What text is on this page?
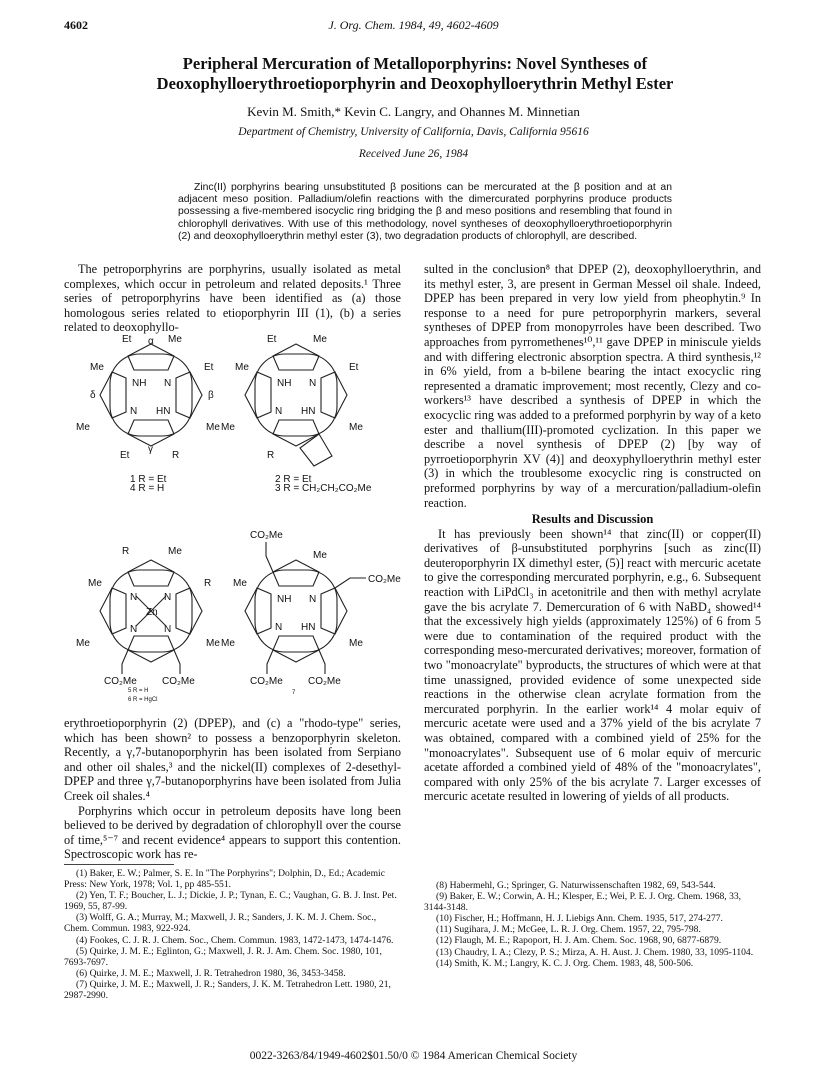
4602	J. Org. Chem. 1984, 49, 4602-4609
Peripheral Mercuration of Metalloporphyrins: Novel Syntheses of
Deoxophylloerythroetioporphyrin and Deoxophylloerythrin Methyl Ester
Kevin M. Smith,* Kevin C. Langry, and Ohannes M. Minnetian
Department of Chemistry, University of California, Davis, California 95616
Received June 26, 1984
Zinc(II) porphyrins bearing unsubstituted β positions can be mercurated at the β position and at an adjacent meso position. Palladium/olefin reactions with the dimercurated porphyrins produce products possessing a five-membered isocyclic ring bridging the β and meso positions and resembling that found in chlorophyll derivatives. With use of this methodology, novel syntheses of deoxophylloerythroetioporphyrin (2) and deoxophylloerythrin methyl ester (3), two degradation products of chlorophyll, are described.

The petroporphyrins are porphyrins, usually isolated as metal complexes, which occur in petroleum and related deposits.¹ Three series of petroporphyrins have been identified as (a) those homologous series related to etioporphyrin III (1), (b) a series related to deoxophyllo-

Et α Me
Me	Et
δ	β
NH N
N HN
Me	Me
Et
γ
R
Et	Me
Me	Et
NH N
N HN
Me	Me
R
1 R = Et
4 R = H
2 R = Et
3 R = CH₂CH₂CO₂Me
R	Me
Me	R
Zn
N	N
N	N
Me	Me
CO₂Me	CO₂Me
CO₂Me
Me
CO₂Me
Me
NH N
N HN
Me	Me
CO₂Me	CO₂Me
5 R = H
6 R = HgCl
7

erythroetioporphyrin (2) (DPEP), and (c) a "rhodo-type" series, which has been shown² to possess a benzoporphyrin skeleton. Recently, a γ,7-butanoporphyrin has been isolated from Serpiano and other oil shales,³ and the nickel(II) complexes of 2-desethyl-DPEP and three γ,7-butanoporphyrins have been isolated from Julia Creek oil shales.⁴

Porphyrins which occur in petroleum deposits have long been believed to be derived by degradation of chlorophyll over the course of time,⁵⁻⁷ and recent evidence⁴ appears to support this contention. Spectroscopic work has re-

sulted in the conclusion⁸ that DPEP (2), deoxophylloerythrin, and its methyl ester, 3, are present in German Messel oil shale. Indeed, DPEP has been prepared in very low yield from pheophytin.⁹ In response to a need for pure petroporphyrin markers, several syntheses of DPEP from monopyrroles have been described. Two approaches from pyrromethenes¹⁰,¹¹ gave DPEP in miniscule yields and with differing electronic absorption spectra. A third synthesis,¹² in 6% yield, from a b-bilene bearing the intact exocyclic ring represented a dramatic improvement; most recently, Clezy and co-workers¹³ have described a synthesis of DPEP in which the exocyclic ring was added to a preformed porphyrin by way of a keto ester and thallium(III)-promoted cyclization. In this paper we describe a novel synthesis of DPEP (2) [by way of pyrroetioporphyrin XV (4)] and deoxyphylloerythrin methyl ester (3) in which the troublesome exocyclic ring is constructed on preformed porphyrins by way of a mercuration/palladium-olefin reaction.

Results and Discussion

It has previously been shown¹⁴ that zinc(II) or copper(II) derivatives of β-unsubstituted porphyrins [such as zinc(II) deuteroporphyrin IX dimethyl ester, (5)] react with mercuric acetate to give the corresponding mercurated porphyrin, e.g., 6. Subsequent reaction with LiPdCl₃ in acetonitrile and then with methyl acrylate gave the bis acrylate 7. Demercuration of 6 with NaBD₄ showed¹⁴ that the excessively high yields (approximately 125%) of 6 from 5 were due to contamination of the required product with the corresponding meso-mercurated derivatives; moreover, formation of two "monoacrylate" byproducts, the structures of which were at that time unassigned, provided evidence of some unexpected side reactions in the otherwise clean acrylate formation from the mercurated porphyrin. In the earlier work¹⁴ 4 molar equiv of mercuric acetate were used and a 37% yield of the bis acrylate 7 was obtained, compared with a combined yield of 25% for the "monoacrylates". Subsequent use of 6 molar equiv of mercuric acetate afforded a combined yield of 48% of the "monoacrylates", compared with only 25% of the bis acrylate 7. Larger excesses of mercuric acetate resulted in lowering of yields of all products.

(1) Baker, E. W.; Palmer, S. E. In "The Porphyrins"; Dolphin, D., Ed.; Academic Press: New York, 1978; Vol. 1, pp 485-551.
(2) Yen, T. F.; Boucher, L. J.; Dickie, J. P.; Tynan, E. C.; Vaughan, G. B. J. Inst. Pet. 1969, 55, 87-99.
(3) Wolff, G. A.; Murray, M.; Maxwell, J. R.; Sanders, J. K. M. J. Chem. Soc., Chem. Commun. 1983, 922-924.
(4) Fookes, C. J. R. J. Chem. Soc., Chem. Commun. 1983, 1472-1473, 1474-1476.
(5) Quirke, J. M. E.; Eglinton, G.; Maxwell, J. R. J. Am. Chem. Soc. 1980, 101, 7693-7697.
(6) Quirke, J. M. E.; Maxwell, J. R. Tetrahedron 1980, 36, 3453-3458.
(7) Quirke, J. M. E.; Maxwell, J. R.; Sanders, J. K. M. Tetrahedron Lett. 1980, 21, 2987-2990.
(8) Habermehl, G.; Springer, G. Naturwissenschaften 1982, 69, 543-544.
(9) Baker, E. W.; Corwin, A. H.; Klesper, E.; Wei, P. E. J. Org. Chem. 1968, 33, 3144-3148.
(10) Fischer, H.; Hoffmann, H. J. Liebigs Ann. Chem. 1935, 517, 274-277.
(11) Sugihara, J. M.; McGee, L. R. J. Org. Chem. 1957, 22, 795-798.
(12) Flaugh, M. E.; Rapoport, H. J. Am. Chem. Soc. 1968, 90, 6877-6879.
(13) Chaudry, I. A.; Clezy, P. S.; Mirza, A. H. Aust. J. Chem. 1980, 33, 1095-1104.
(14) Smith, K. M.; Langry, K. C. J. Org. Chem. 1983, 48, 500-506.
0022-3263/84/1949-4602$01.50/0 © 1984 American Chemical Society
